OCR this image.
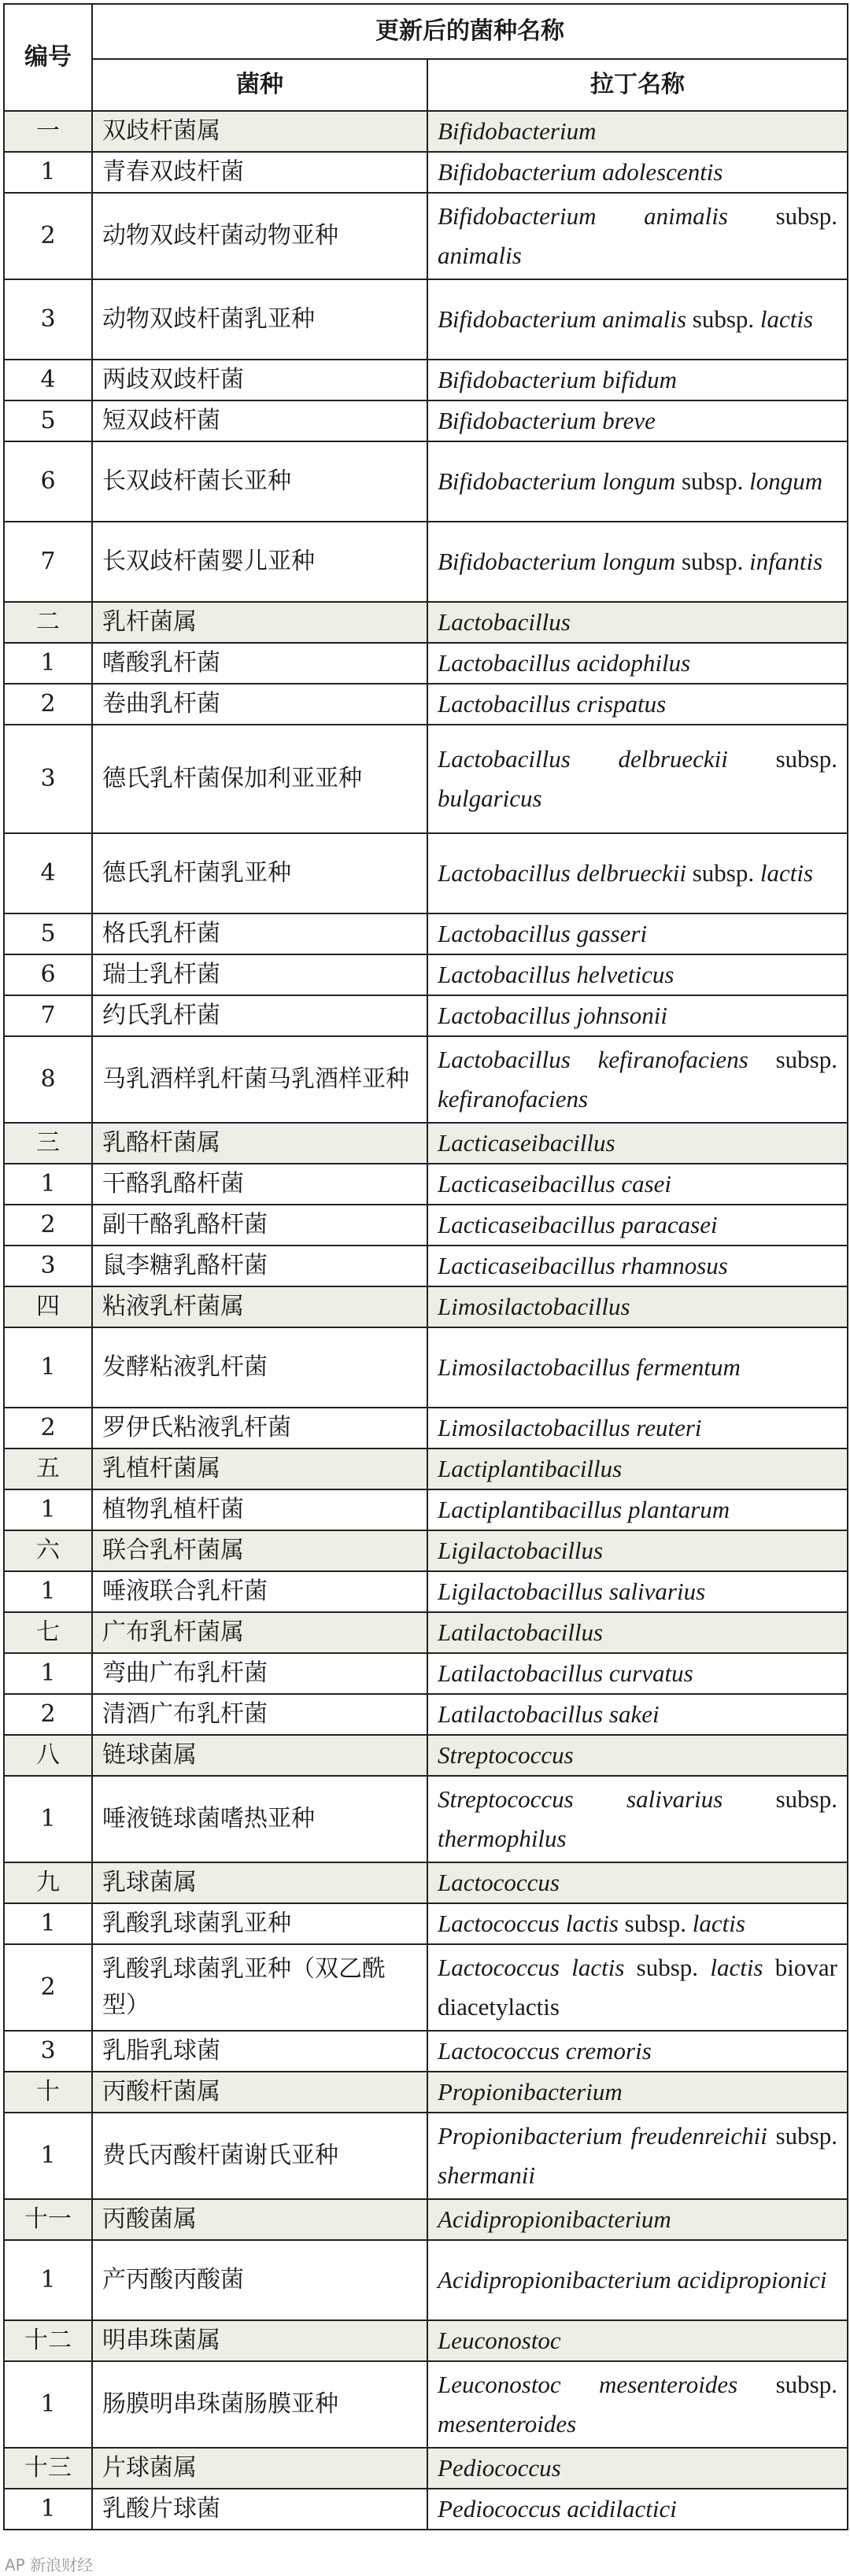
编号	更新后的菌种名称	
	菌种	拉丁名称
一	双歧杆菌属	Bifidobacterium
1	青春双歧杆菌	Bifidobacterium adolescentis
2	动物双歧杆菌动物亚种	Bifidobacterium animalis subsp. animalis
3	动物双歧杆菌乳亚种	Bifidobacterium animalis subsp. lactis
4	两歧双歧杆菌	Bifidobacterium bifidum
5	短双歧杆菌	Bifidobacterium breve
6	长双歧杆菌长亚种	Bifidobacterium longum subsp. longum
7	长双歧杆菌婴儿亚种	Bifidobacterium longum subsp. infantis
二	乳杆菌属	Lactobacillus
1	嗜酸乳杆菌	Lactobacillus acidophilus
2	卷曲乳杆菌	Lactobacillus crispatus
3	德氏乳杆菌保加利亚亚种	Lactobacillus delbrueckii subsp. bulgaricus
4	德氏乳杆菌乳亚种	Lactobacillus delbrueckii subsp. lactis
5	格氏乳杆菌	Lactobacillus gasseri
6	瑞士乳杆菌	Lactobacillus helveticus
7	约氏乳杆菌	Lactobacillus johnsonii
8	马乳酒样乳杆菌马乳酒样亚种	Lactobacillus kefiranofaciens subsp. kefiranofaciens
三	乳酪杆菌属	Lacticaseibacillus
1	干酪乳酪杆菌	Lacticaseibacillus casei
2	副干酪乳酪杆菌	Lacticaseibacillus paracasei
3	鼠李糖乳酪杆菌	Lacticaseibacillus rhamnosus
四	粘液乳杆菌属	Limosilactobacillus
1	发酵粘液乳杆菌	Limosilactobacillus fermentum
2	罗伊氏粘液乳杆菌	Limosilactobacillus reuteri
五	乳植杆菌属	Lactiplantibacillus
1	植物乳植杆菌	Lactiplantibacillus plantarum
六	联合乳杆菌属	Ligilactobacillus
1	唾液联合乳杆菌	Ligilactobacillus salivarius
七	广布乳杆菌属	Latilactobacillus
1	弯曲广布乳杆菌	Latilactobacillus curvatus
2	清酒广布乳杆菌	Latilactobacillus sakei
八	链球菌属	Streptococcus
1	唾液链球菌嗜热亚种	Streptococcus salivarius subsp. thermophilus
九	乳球菌属	Lactococcus
1	乳酸乳球菌乳亚种	Lactococcus lactis subsp. lactis
2	乳酸乳球菌乳亚种（双乙酰型）	Lactococcus lactis subsp. lactis biovar diacetylactis
3	乳脂乳球菌	Lactococcus cremoris
十	丙酸杆菌属	Propionibacterium
1	费氏丙酸杆菌谢氏亚种	Propionibacterium freudenreichii subsp. shermanii
十一	丙酸菌属	Acidipropionibacterium
1	产丙酸丙酸菌	Acidipropionibacterium acidipropionici
十二	明串珠菌属	Leuconostoc
1	肠膜明串珠菌肠膜亚种	Leuconostoc mesenteroides subsp. mesenteroides
十三	片球菌属	Pediococcus
1	乳酸片球菌	Pediococcus acidilactici
AP 新浪财经
